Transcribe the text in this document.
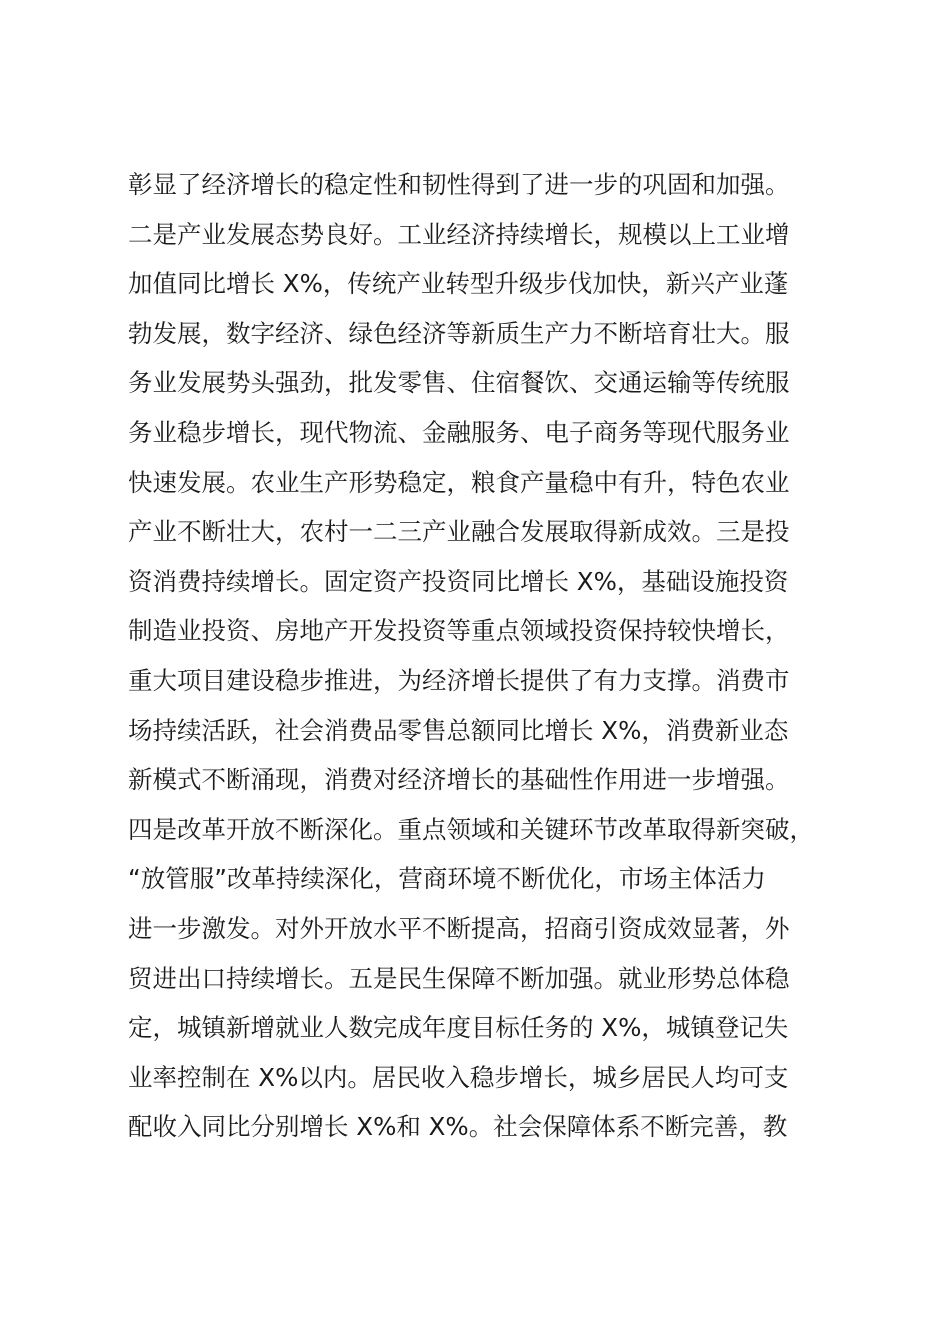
彰显了经济增长的稳定性和韧性得到了进一步的巩固和加强。
二是产业发展态势良好。工业经济持续增长，规模以上工业增
加值同比增长 X%，传统产业转型升级步伐加快，新兴产业蓬
勃发展，数字经济、绿色经济等新质生产力不断培育壮大。服
务业发展势头强劲，批发零售、住宿餐饮、交通运输等传统服
务业稳步增长，现代物流、金融服务、电子商务等现代服务业
快速发展。农业生产形势稳定，粮食产量稳中有升，特色农业
产业不断壮大，农村一二三产业融合发展取得新成效。三是投
资消费持续增长。固定资产投资同比增长 X%，基础设施投资
制造业投资、房地产开发投资等重点领域投资保持较快增长，
重大项目建设稳步推进，为经济增长提供了有力支撑。消费市
场持续活跃，社会消费品零售总额同比增长 X%，消费新业态
新模式不断涌现，消费对经济增长的基础性作用进一步增强。
四是改革开放不断深化。重点领域和关键环节改革取得新突破，
“放管服”改革持续深化，营商环境不断优化，市场主体活力
进一步激发。对外开放水平不断提高，招商引资成效显著，外
贸进出口持续增长。五是民生保障不断加强。就业形势总体稳
定，城镇新增就业人数完成年度目标任务的 X%，城镇登记失
业率控制在 X%以内。居民收入稳步增长，城乡居民人均可支
配收入同比分别增长 X%和 X%。社会保障体系不断完善，教
